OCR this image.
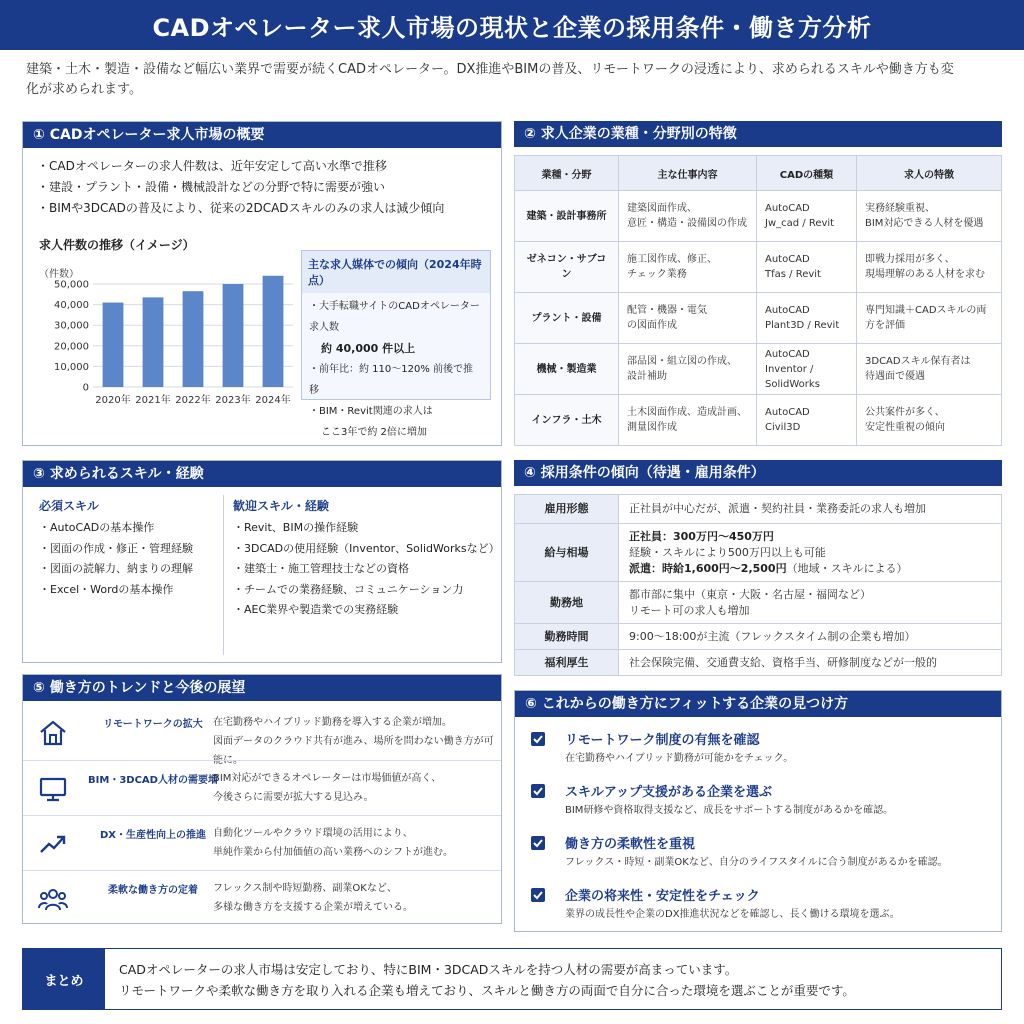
CADオペレーター求人市場の現状と企業の採用条件・働き方分析

建築・土木・製造・設備など幅広い業界で需要が続くCADオペレーター。DX推進やBIMの普及、リモートワークの浸透により、求められるスキルや働き方も変化が求められます。

① CADオペレーター求人市場の概要
・ CADオペレーターの求人件数は、近年安定して高い水準で推移
・ 建設・プラント・設備・機械設計などの分野で特に需要が強い
・ BIMや3DCADの普及により、従来の2DCADスキルのみの求人は減少傾向
求人件数の推移（イメージ）
（件数）
0
10,000
20,000
30,000
40,000
50,000
2020年 2021年 2022年 2023年 2024年
主な求人媒体での傾向（2024年時点）
・大手転職サイトのCADオペレーター求人数
約 40,000 件以上
・前年比：約 110〜120% 前後で推移
・BIM・Revit関連の求人は
ここ3年で約 2倍に増加
② 求人企業の業種・分野別の特徴
業種・分野	主な仕事内容	CADの種類	求人の特徴
建築・設計事務所	建築図面作成、
意匠・構造・設備図の作成	AutoCAD
Jw_cad / Revit	実務経験重視、
BIM対応できる人材を優遇
ゼネコン・サブコン	施工図作成、修正、
チェック業務	AutoCAD
Tfas / Revit	即戦力採用が多く、
現場理解のある人材を求む
プラント・設備	配管・機器・電気
の図面作成	AutoCAD
Plant3D / Revit	専門知識＋CADスキルの両
方を評価
機械・製造業	部品図・組立図の作成、
設計補助	AutoCAD
Inventor / SolidWorks	3DCADスキル保有者は
待遇面で優遇
インフラ・土木	土木図面作成、造成計画、
測量図作成	AutoCAD
Civil3D	公共案件が多く、
安定性重視の傾向
③ 求められるスキル・経験
必須スキル
・ AutoCADの基本操作
・ 図面の作成・修正・管理経験
・ 図面の読解力、納まりの理解
・ Excel・Wordの基本操作
歓迎スキル・経験
・ Revit、BIMの操作経験
・ 3DCADの使用経験（Inventor、SolidWorksなど）
・ 建築士・施工管理技士などの資格
・ チームでの業務経験、コミュニケーション力
・ AEC業界や製造業での実務経験
④ 採用条件の傾向（待遇・雇用条件）
雇用形態	正社員が中心だが、派遣・契約社員・業務委託の求人も増加
給与相場	正社員：300万円〜450万円
経験・スキルにより500万円以上も可能
派遣：時給1,600円〜2,500円（地域・スキルによる）

勤務地	都市部に集中（東京・大阪・名古屋・福岡など）
リモート可の求人も増加

勤務時間	9:00〜18:00が主流（フレックスタイム制の企業も増加）
福利厚生	社会保険完備、交通費支給、資格手当、研修制度などが一般的
⑤ 働き方のトレンドと今後の展望
リモートワークの拡大	在宅勤務やハイブリッド勤務を導入する企業が増加。
図面データのクラウド共有が進み、場所を問わない働き方が可能に。
BIM・3DCAD人材の需要増
BIM対応ができるオペレーターは市場価値が高く、
今後さらに需要が拡大する見込み。
DX・生産性向上の推進 自動化ツールやクラウド環境の活用により、
単純作業から付加価値の高い業務へのシフトが進む。
柔軟な働き方の定着	フレックス制や時短勤務、副業OKなど、
多様な働き方を支援する企業が増えている。
⑥ これからの働き方にフィットする企業の見つけ方
リモートワーク制度の有無を確認
在宅勤務やハイブリッド勤務が可能かをチェック。
スキルアップ支援がある企業を選ぶ
BIM研修や資格取得支援など、成長をサポートする制度があるかを確認。
働き方の柔軟性を重視
フレックス・時短・副業OKなど、自分のライフスタイルに合う制度があるかを確認。
企業の将来性・安定性をチェック
業界の成長性や企業のDX推進状況などを確認し、長く働ける環境を選ぶ。
まとめ
CADオペレーターの求人市場は安定しており、特にBIM・3DCADスキルを持つ人材の需要が高まっています。
リモートワークや柔軟な働き方を取り入れる企業も増えており、スキルと働き方の両面で自分に合った環境を選ぶことが重要です。
